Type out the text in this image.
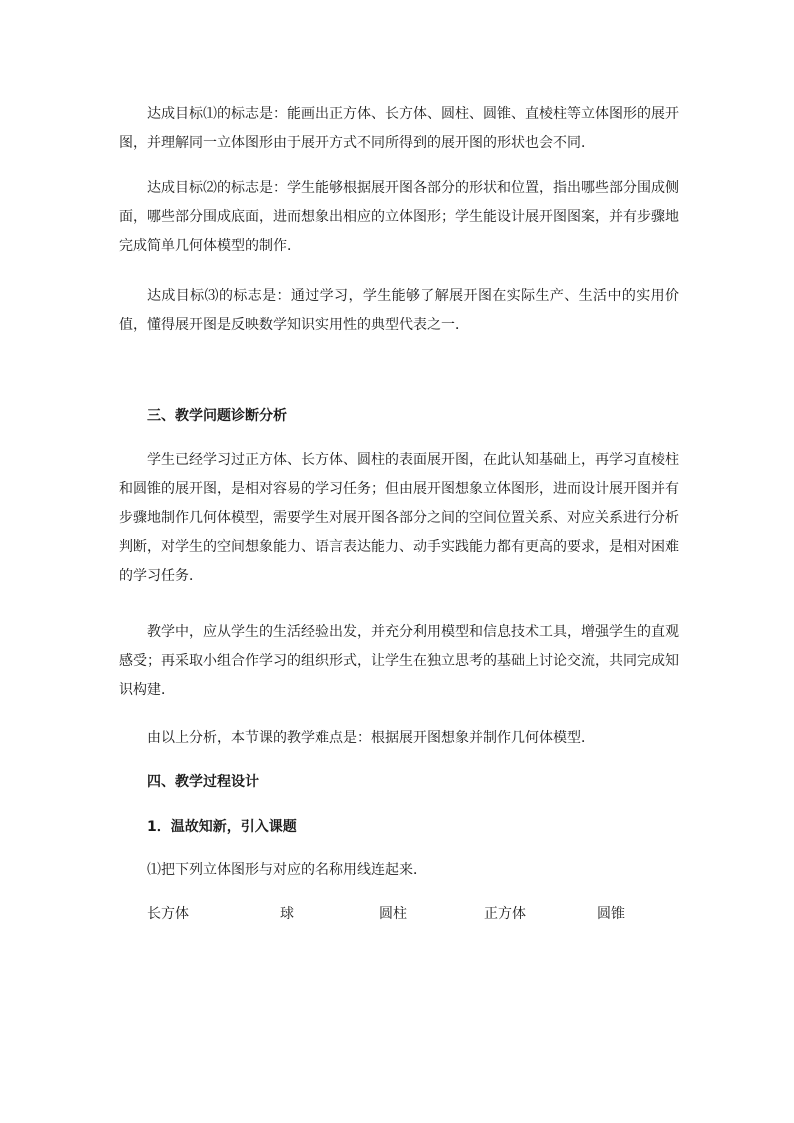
达成目标⑴的标志是：能画出正方体、长方体、圆柱、圆锥、直棱柱等立体图形的展开图，并理解同一立体图形由于展开方式不同所得到的展开图的形状也会不同．

达成目标⑵的标志是：学生能够根据展开图各部分的形状和位置，指出哪些部分围成侧面，哪些部分围成底面，进而想象出相应的立体图形；学生能设计展开图图案，并有步骤地完成简单几何体模型的制作．

达成目标⑶的标志是：通过学习，学生能够了解展开图在实际生产、生活中的实用价值，懂得展开图是反映数学知识实用性的典型代表之一．

三、教学问题诊断分析

学生已经学习过正方体、长方体、圆柱的表面展开图，在此认知基础上，再学习直棱柱和圆锥的展开图，是相对容易的学习任务；但由展开图想象立体图形，进而设计展开图并有步骤地制作几何体模型，需要学生对展开图各部分之间的空间位置关系、对应关系进行分析判断，对学生的空间想象能力、语言表达能力、动手实践能力都有更高的要求，是相对困难的学习任务．

教学中，应从学生的生活经验出发，并充分利用模型和信息技术工具，增强学生的直观感受；再采取小组合作学习的组织形式，让学生在独立思考的基础上讨论交流，共同完成知识构建．

由以上分析，本节课的教学难点是：根据展开图想象并制作几何体模型．

四、教学过程设计
1．温故知新，引入课题

⑴把下列立体图形与对应的名称用线连起来．

长方体	球	圆柱	正方体	圆锥
